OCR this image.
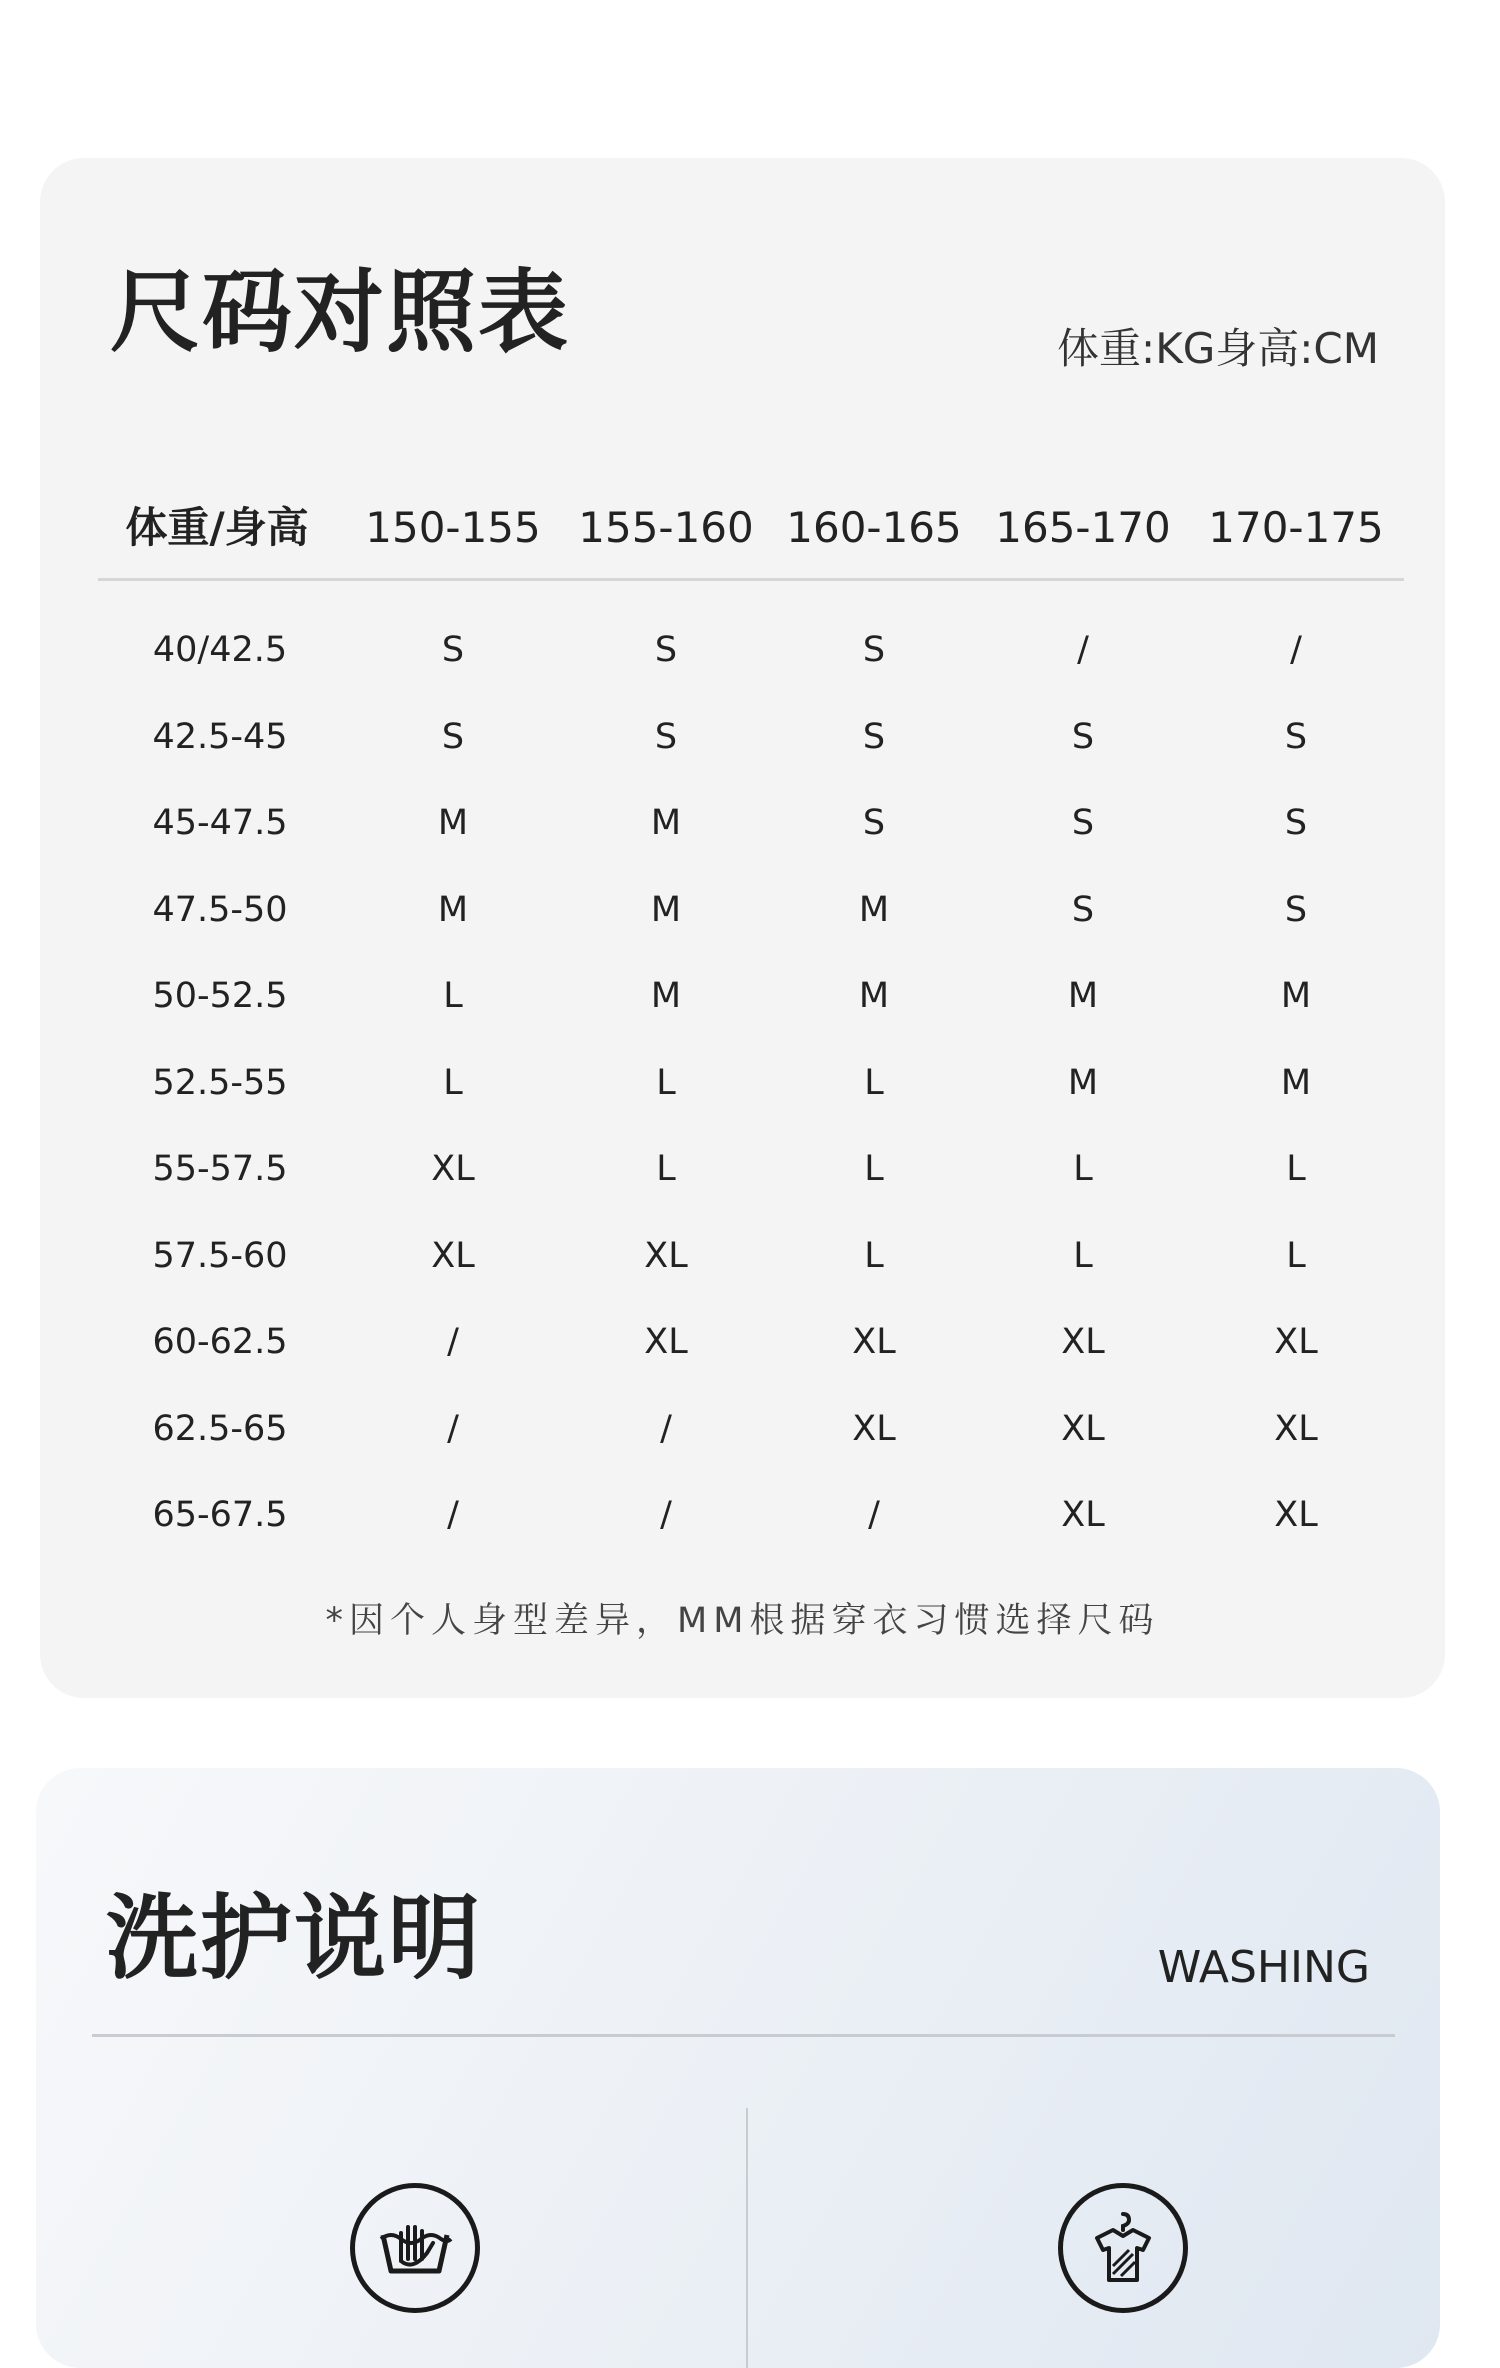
尺码对照表	体重:KG身高:CM
体重/身高 150-155 155-160 160-165 165-170 170-175
40/42.5	S	S	S	/	/
42.5-45	S	S	S	S	S
45-47.5	M	M	S	S	S
47.5-50	M	M	M	S	S
50-52.5	L	M	M	M	M
52.5-55	L	L	L	M	M
55-57.5	XL	L	L	L	L
57.5-60	XL	XL	L	L	L
60-62.5	/	XL	XL	XL	XL
62.5-65	/	/	XL	XL	XL
65-67.5	/	/	/	XL	XL
*因个人身型差异，MM根据穿衣习惯选择尺码
洗护说明	WASHING
